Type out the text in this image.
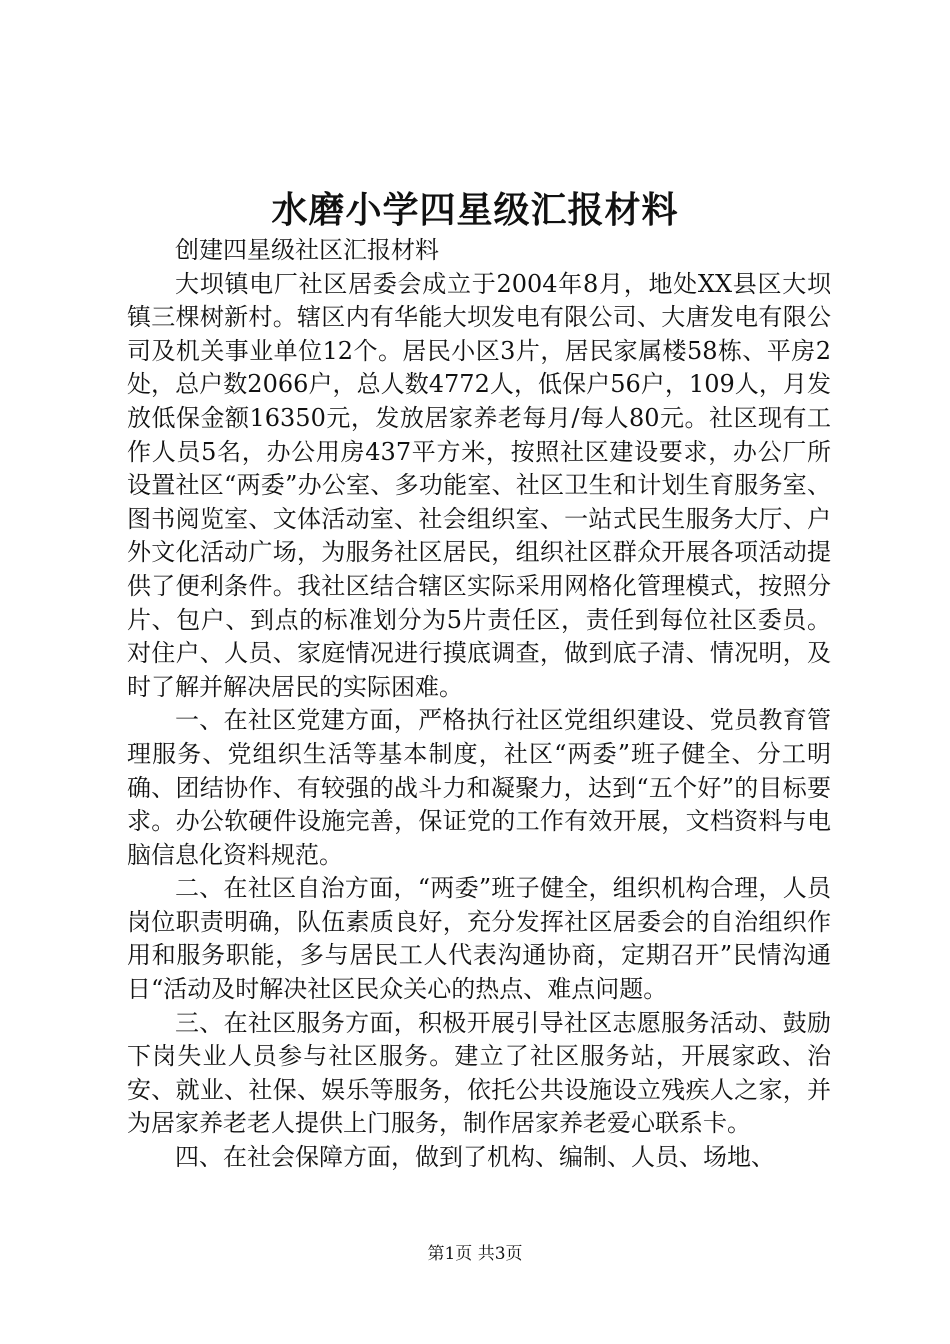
水磨小学四星级汇报材料

创建四星级社区汇报材料

大坝镇电厂社区居委会成立于2004年8月，地处XX县区大坝镇三棵树新村。辖区内有华能大坝发电有限公司、大唐发电有限公司及机关事业单位12个。居民小区3片，居民家属楼58栋、平房2处，总户数2066户，总人数4772人，低保户56户，109人，月发放低保金额16350元，发放居家养老每月/每人80元。社区现有工作人员5名，办公用房437平方米，按照社区建设要求，办公厂所设置社区“两委”办公室、多功能室、社区卫生和计划生育服务室、图书阅览室、文体活动室、社会组织室、一站式民生服务大厅、户外文化活动广场，为服务社区居民，组织社区群众开展各项活动提供了便利条件。我社区结合辖区实际采用网格化管理模式，按照分片、包户、到点的标准划分为5片责任区，责任到每位社区委员。对住户、人员、家庭情况进行摸底调查，做到底子清、情况明，及时了解并解决居民的实际困难。

一、在社区党建方面，严格执行社区党组织建设、党员教育管理服务、党组织生活等基本制度，社区“两委”班子健全、分工明确、团结协作、有较强的战斗力和凝聚力，达到“五个好”的目标要求。办公软硬件设施完善，保证党的工作有效开展，文档资料与电脑信息化资料规范。

二、在社区自治方面，“两委”班子健全，组织机构合理，人员岗位职责明确，队伍素质良好，充分发挥社区居委会的自治组织作用和服务职能，多与居民工人代表沟通协商，定期召开”民情沟通日“活动及时解决社区民众关心的热点、难点问题。

三、在社区服务方面，积极开展引导社区志愿服务活动、鼓励下岗失业人员参与社区服务。建立了社区服务站，开展家政、治安、就业、社保、娱乐等服务，依托公共设施设立残疾人之家，并为居家养老老人提供上门服务，制作居家养老爱心联系卡。

四、在社会保障方面，做到了机构、编制、人员、场地、

第1页 共3页
